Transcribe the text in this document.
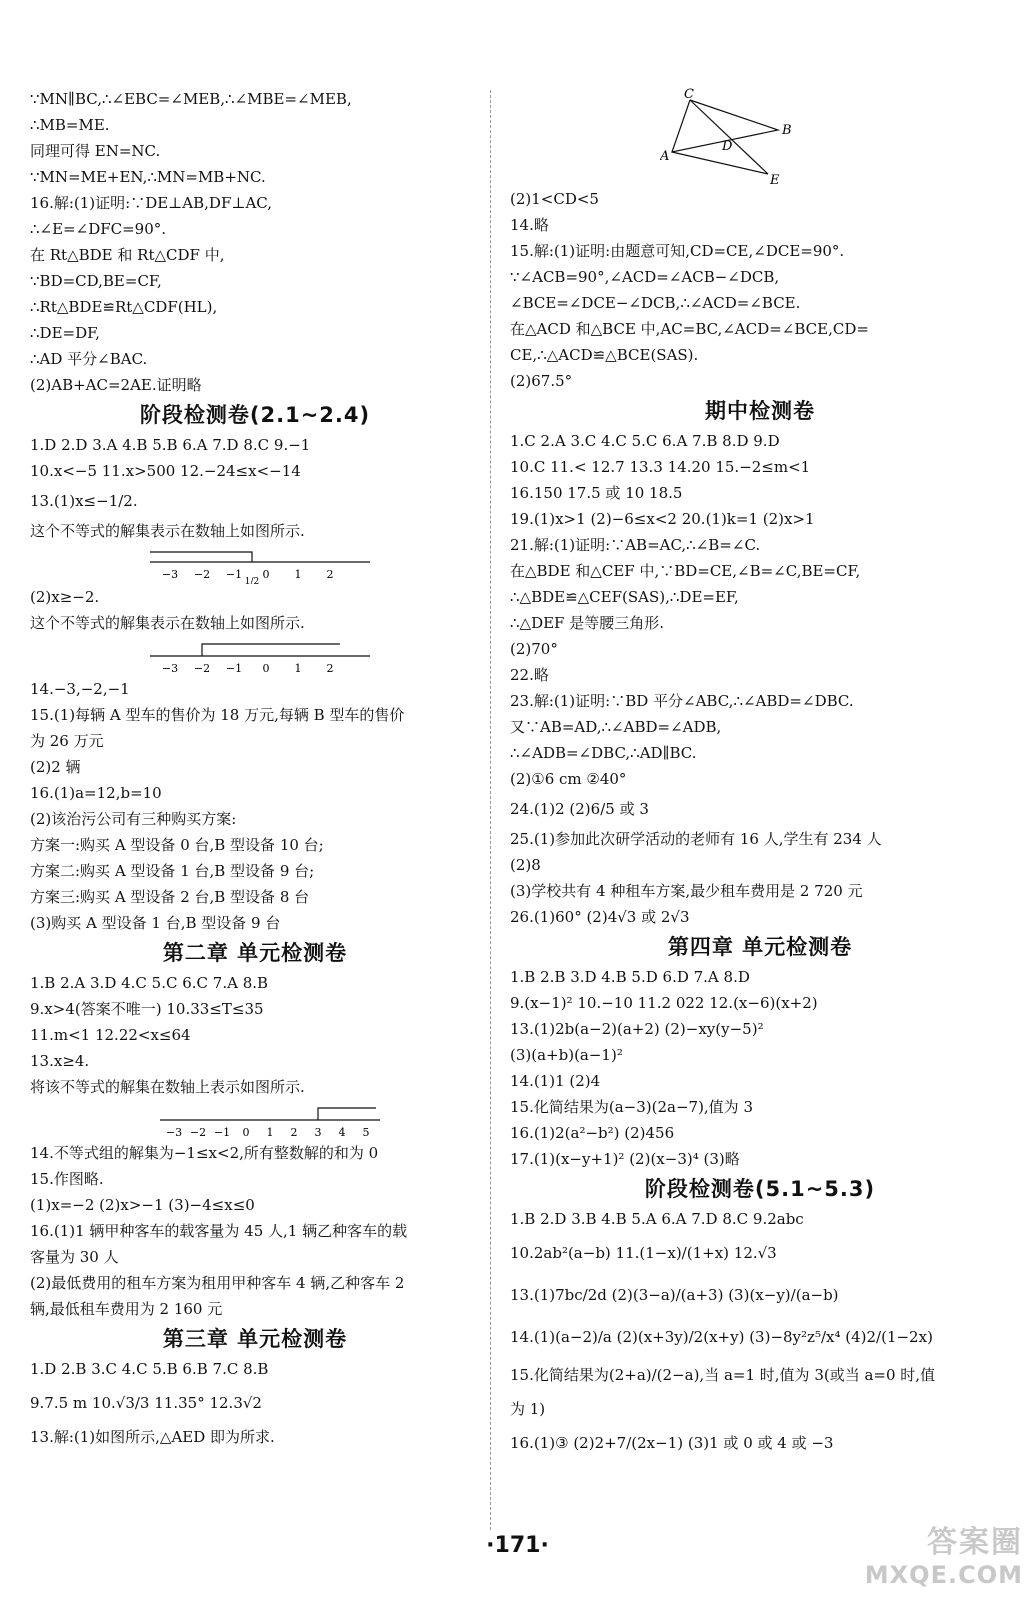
∵MN∥BC,∴∠EBC=∠MEB,∴∠MBE=∠MEB,
∴MB=ME.
同理可得 EN=NC.
∵MN=ME+EN,∴MN=MB+NC.
16.解:(1)证明:∵DE⊥AB,DF⊥AC,
∴∠E=∠DFC=90°.
在 Rt△BDE 和 Rt△CDF 中,
∵BD=CD,BE=CF,
∴Rt△BDE≌Rt△CDF(HL),
∴DE=DF,
∴AD 平分∠BAC.
(2)AB+AC=2AE.证明略
阶段检测卷(2.1~2.4)
1.D 2.D 3.A 4.B 5.B 6.A 7.D 8.C 9.−1
10.x<−5 11.x>500 12.−24≤x<−14
13.(1)x≤−1/2.
这个不等式的解集表示在数轴上如图所示.
−3 −2 −1 0 1 2
1/2
(2)x≥−2.
这个不等式的解集表示在数轴上如图所示.
−3 −2 −1 0 1 2
14.−3,−2,−1
15.(1)每辆 A 型车的售价为 18 万元,每辆 B 型车的售价
为 26 万元
(2)2 辆
16.(1)a=12,b=10
(2)该治污公司有三种购买方案:
方案一:购买 A 型设备 0 台,B 型设备 10 台;
方案二:购买 A 型设备 1 台,B 型设备 9 台;
方案三:购买 A 型设备 2 台,B 型设备 8 台
(3)购买 A 型设备 1 台,B 型设备 9 台
第二章 单元检测卷
1.B 2.A 3.D 4.C 5.C 6.C 7.A 8.B
9.x>4(答案不唯一) 10.33≤T≤35
11.m<1 12.22<x≤64
13.x≥4.
将该不等式的解集在数轴上表示如图所示.
−3 −2 −1 0 1 2 3 4 5
14.不等式组的解集为−1≤x<2,所有整数解的和为 0
15.作图略.
(1)x=−2 (2)x>−1 (3)−4≤x≤0
16.(1)1 辆甲种客车的载客量为 45 人,1 辆乙种客车的载
客量为 30 人
(2)最低费用的租车方案为租用甲种客车 4 辆,乙种客车 2
辆,最低租车费用为 2 160 元
第三章 单元检测卷
1.D 2.B 3.C 4.C 5.B 6.B 7.C 8.B
9.7.5 m 10.√3/3 11.35° 12.3√2
13.解:(1)如图所示,△AED 即为所求.
C
B
D
A
E
(2)1<CD<5
14.略
15.解:(1)证明:由题意可知,CD=CE,∠DCE=90°.
∵∠ACB=90°,∠ACD=∠ACB−∠DCB,
∠BCE=∠DCE−∠DCB,∴∠ACD=∠BCE.
在△ACD 和△BCE 中,AC=BC,∠ACD=∠BCE,CD=
CE,∴△ACD≌△BCE(SAS).
(2)67.5°
期中检测卷
1.C 2.A 3.C 4.C 5.C 6.A 7.B 8.D 9.D
10.C 11.< 12.7 13.3 14.20 15.−2≤m<1
16.150 17.5 或 10 18.5
19.(1)x>1 (2)−6≤x<2 20.(1)k=1 (2)x>1
21.解:(1)证明:∵AB=AC,∴∠B=∠C.
在△BDE 和△CEF 中,∵BD=CE,∠B=∠C,BE=CF,
∴△BDE≌△CEF(SAS),∴DE=EF,
∴△DEF 是等腰三角形.
(2)70°
22.略
23.解:(1)证明:∵BD 平分∠ABC,∴∠ABD=∠DBC.
又∵AB=AD,∴∠ABD=∠ADB,
∴∠ADB=∠DBC,∴AD∥BC.
(2)①6 cm ②40°
24.(1)2 (2)6/5 或 3
25.(1)参加此次研学活动的老师有 16 人,学生有 234 人
(2)8
(3)学校共有 4 种租车方案,最少租车费用是 2 720 元
26.(1)60° (2)4√3 或 2√3
第四章 单元检测卷
1.B 2.B 3.D 4.B 5.D 6.D 7.A 8.D
9.(x−1)² 10.−10 11.2 022 12.(x−6)(x+2)
13.(1)2b(a−2)(a+2) (2)−xy(y−5)²
(3)(a+b)(a−1)²
14.(1)1 (2)4
15.化简结果为(a−3)(2a−7),值为 3
16.(1)2(a²−b²) (2)456
17.(1)(x−y+1)² (2)(x−3)⁴ (3)略
阶段检测卷(5.1~5.3)
1.B 2.D 3.B 4.B 5.A 6.A 7.D 8.C 9.2abc
10.2ab²(a−b) 11.(1−x)/(1+x) 12.√3
13.(1)7bc/2d (2)(3−a)/(a+3) (3)(x−y)/(a−b)
14.(1)(a−2)/a (2)(x+3y)/2(x+y) (3)−8y²z⁵/x⁴ (4)2/(1−2x)
15.化简结果为(2+a)/(2−a),当 a=1 时,值为 3(或当 a=0 时,值
为 1)
16.(1)③ (2)2+7/(2x−1) (3)1 或 0 或 4 或 −3
·171·	答案圈
MXQE.COM
